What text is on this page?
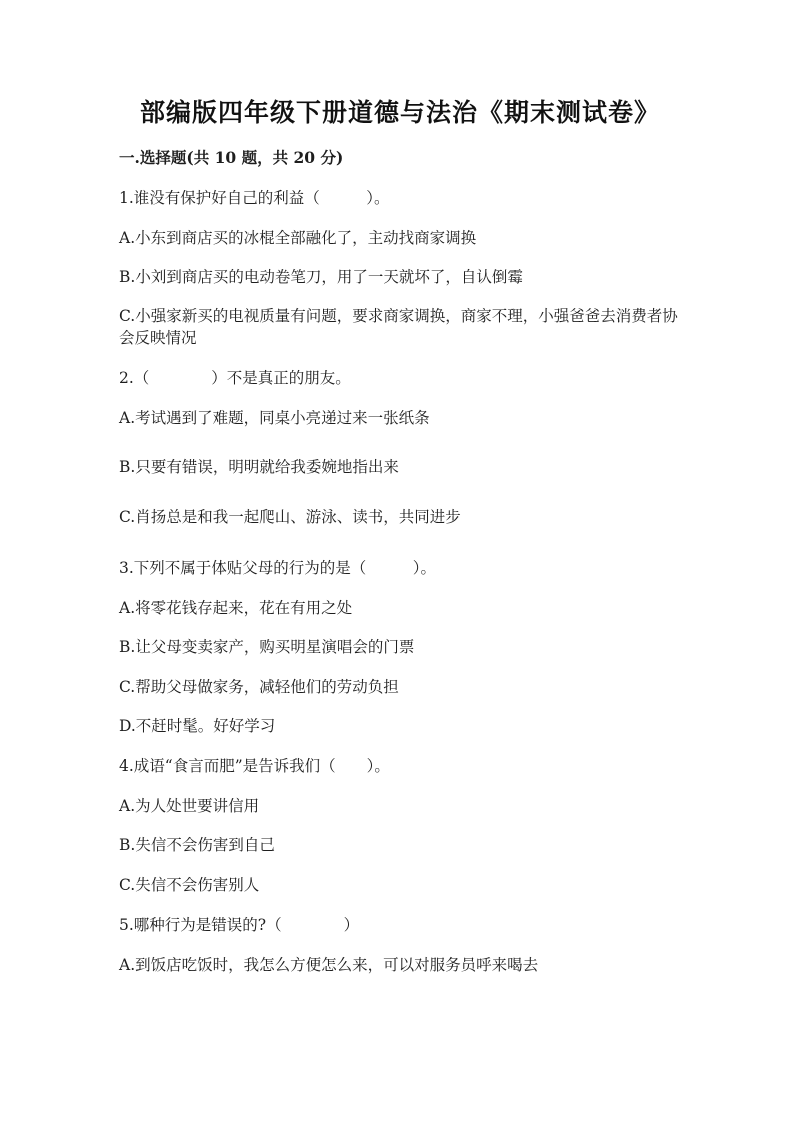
部编版四年级下册道德与法治《期末测试卷》
一.选择题(共 10 题，共 20 分)
1.谁没有保护好自己的利益（　　　）。
A.小东到商店买的冰棍全部融化了，主动找商家调换
B.小刘到商店买的电动卷笔刀，用了一天就坏了，自认倒霉
C.小强家新买的电视质量有问题，要求商家调换，商家不理，小强爸爸去消费者协会反映情况
2.（　　　　）不是真正的朋友。
A.考试遇到了难题，同桌小亮递过来一张纸条
B.只要有错误，明明就给我委婉地指出来
C.肖扬总是和我一起爬山、游泳、读书，共同进步
3.下列不属于体贴父母的行为的是（　　　）。
A.将零花钱存起来，花在有用之处
B.让父母变卖家产，购买明星演唱会的门票
C.帮助父母做家务，减轻他们的劳动负担
D.不赶时髦。好好学习
4.成语“食言而肥”是告诉我们（　　）。
A.为人处世要讲信用
B.失信不会伤害到自己
C.失信不会伤害别人
5.哪种行为是错误的?（　　　　）
A.到饭店吃饭时，我怎么方便怎么来，可以对服务员呼来喝去
